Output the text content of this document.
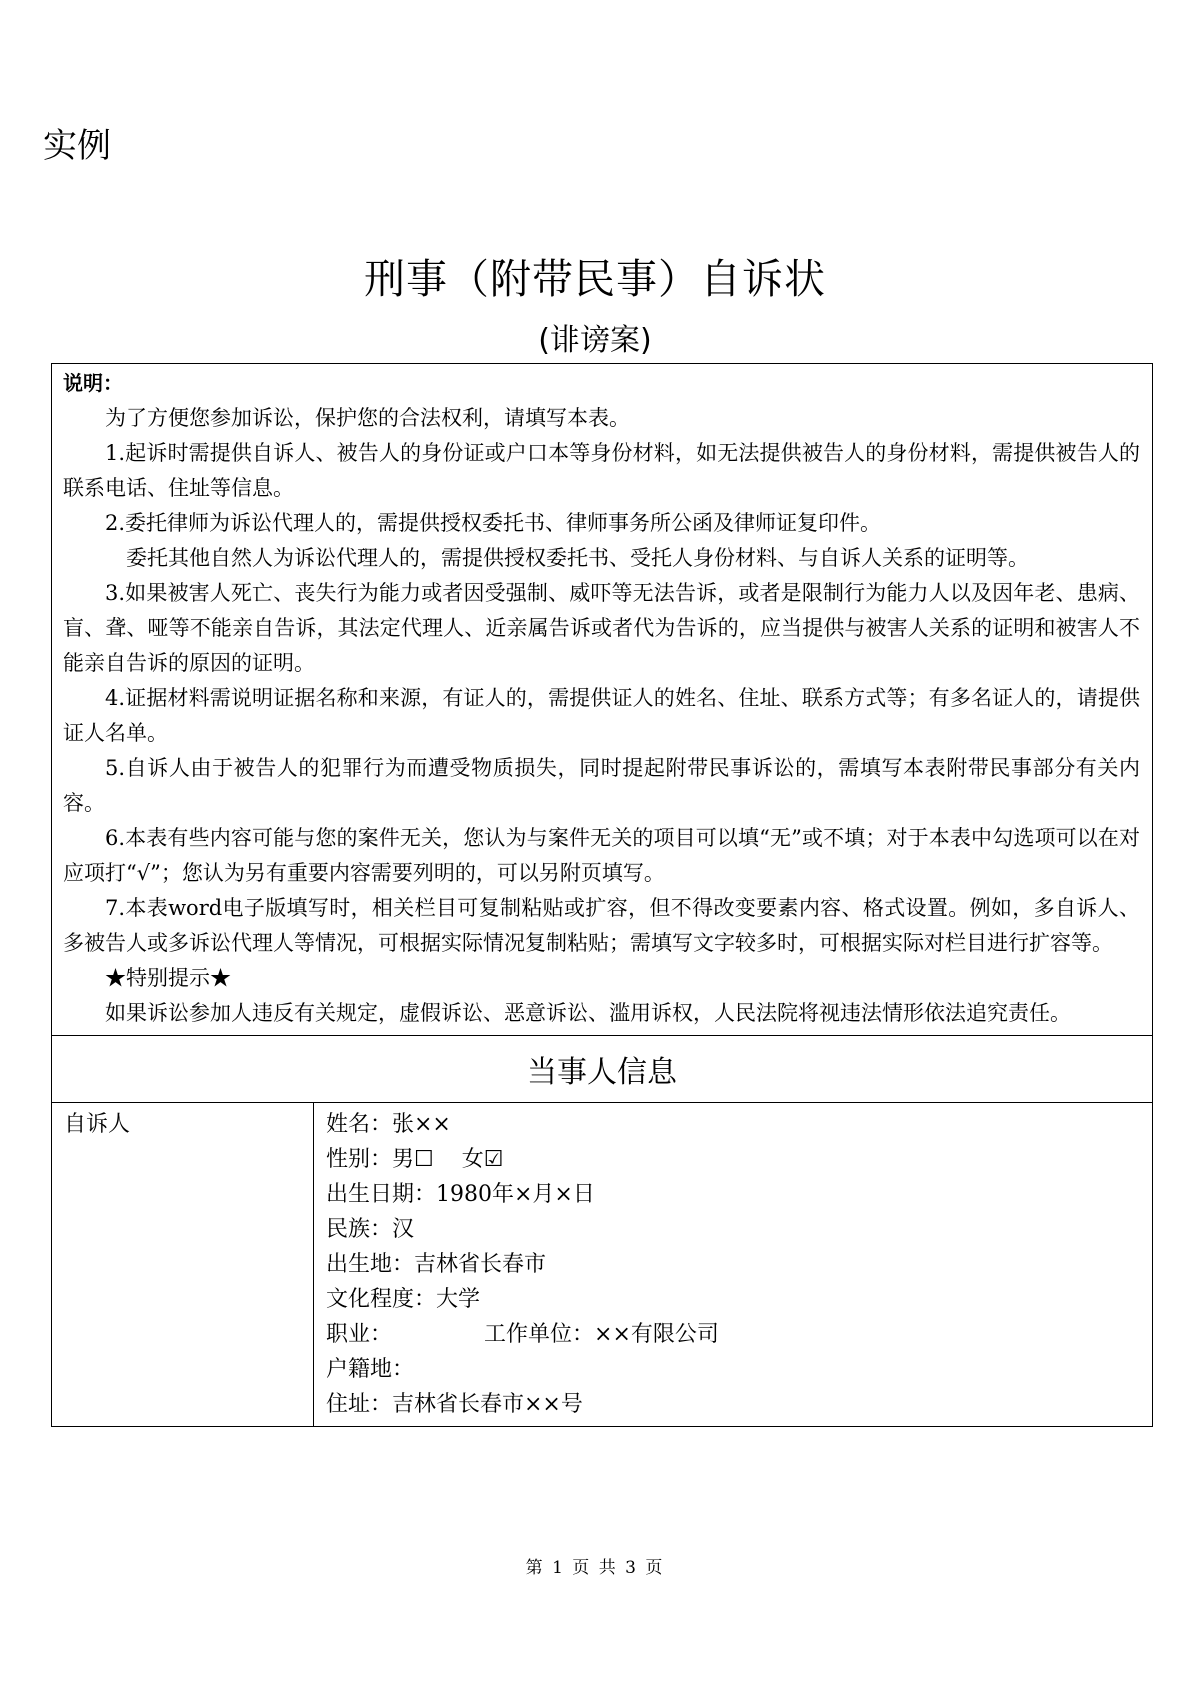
实例
刑事（附带民事）自诉状
(诽谤案)
说明：

为了方便您参加诉讼，保护您的合法权利，请填写本表。

1.起诉时需提供自诉人、被告人的身份证或户口本等身份材料，如无法提供被告人的身份材料，需提供被告人的联系电话、住址等信息。

2.委托律师为诉讼代理人的，需提供授权委托书、律师事务所公函及律师证复印件。

委托其他自然人为诉讼代理人的，需提供授权委托书、受托人身份材料、与自诉人关系的证明等。

3.如果被害人死亡、丧失行为能力或者因受强制、威吓等无法告诉，或者是限制行为能力人以及因年老、患病、盲、聋、哑等不能亲自告诉，其法定代理人、近亲属告诉或者代为告诉的，应当提供与被害人关系的证明和被害人不能亲自告诉的原因的证明。

4.证据材料需说明证据名称和来源，有证人的，需提供证人的姓名、住址、联系方式等；有多名证人的，请提供证人名单。

5.自诉人由于被告人的犯罪行为而遭受物质损失，同时提起附带民事诉讼的，需填写本表附带民事部分有关内容。

6.本表有些内容可能与您的案件无关，您认为与案件无关的项目可以填“无”或不填；对于本表中勾选项可以在对应项打“√”；您认为另有重要内容需要列明的，可以另附页填写。

7.本表word电子版填写时，相关栏目可复制粘贴或扩容，但不得改变要素内容、格式设置。例如，多自诉人、多被告人或多诉讼代理人等情况，可根据实际情况复制粘贴；需填写文字较多时，可根据实际对栏目进行扩容等。

★特别提示★

如果诉讼参加人违反有关规定，虚假诉讼、恶意诉讼、滥用诉权，人民法院将视违法情形依法追究责任。

当事人信息
自诉人	姓名：张××
性别：男☐ 女☑
出生日期：1980年×月×日
民族：汉
出生地：吉林省长春市
文化程度：大学
职业：	工作单位：××有限公司
户籍地：
住址：吉林省长春市××号
第 1 页 共 3 页
